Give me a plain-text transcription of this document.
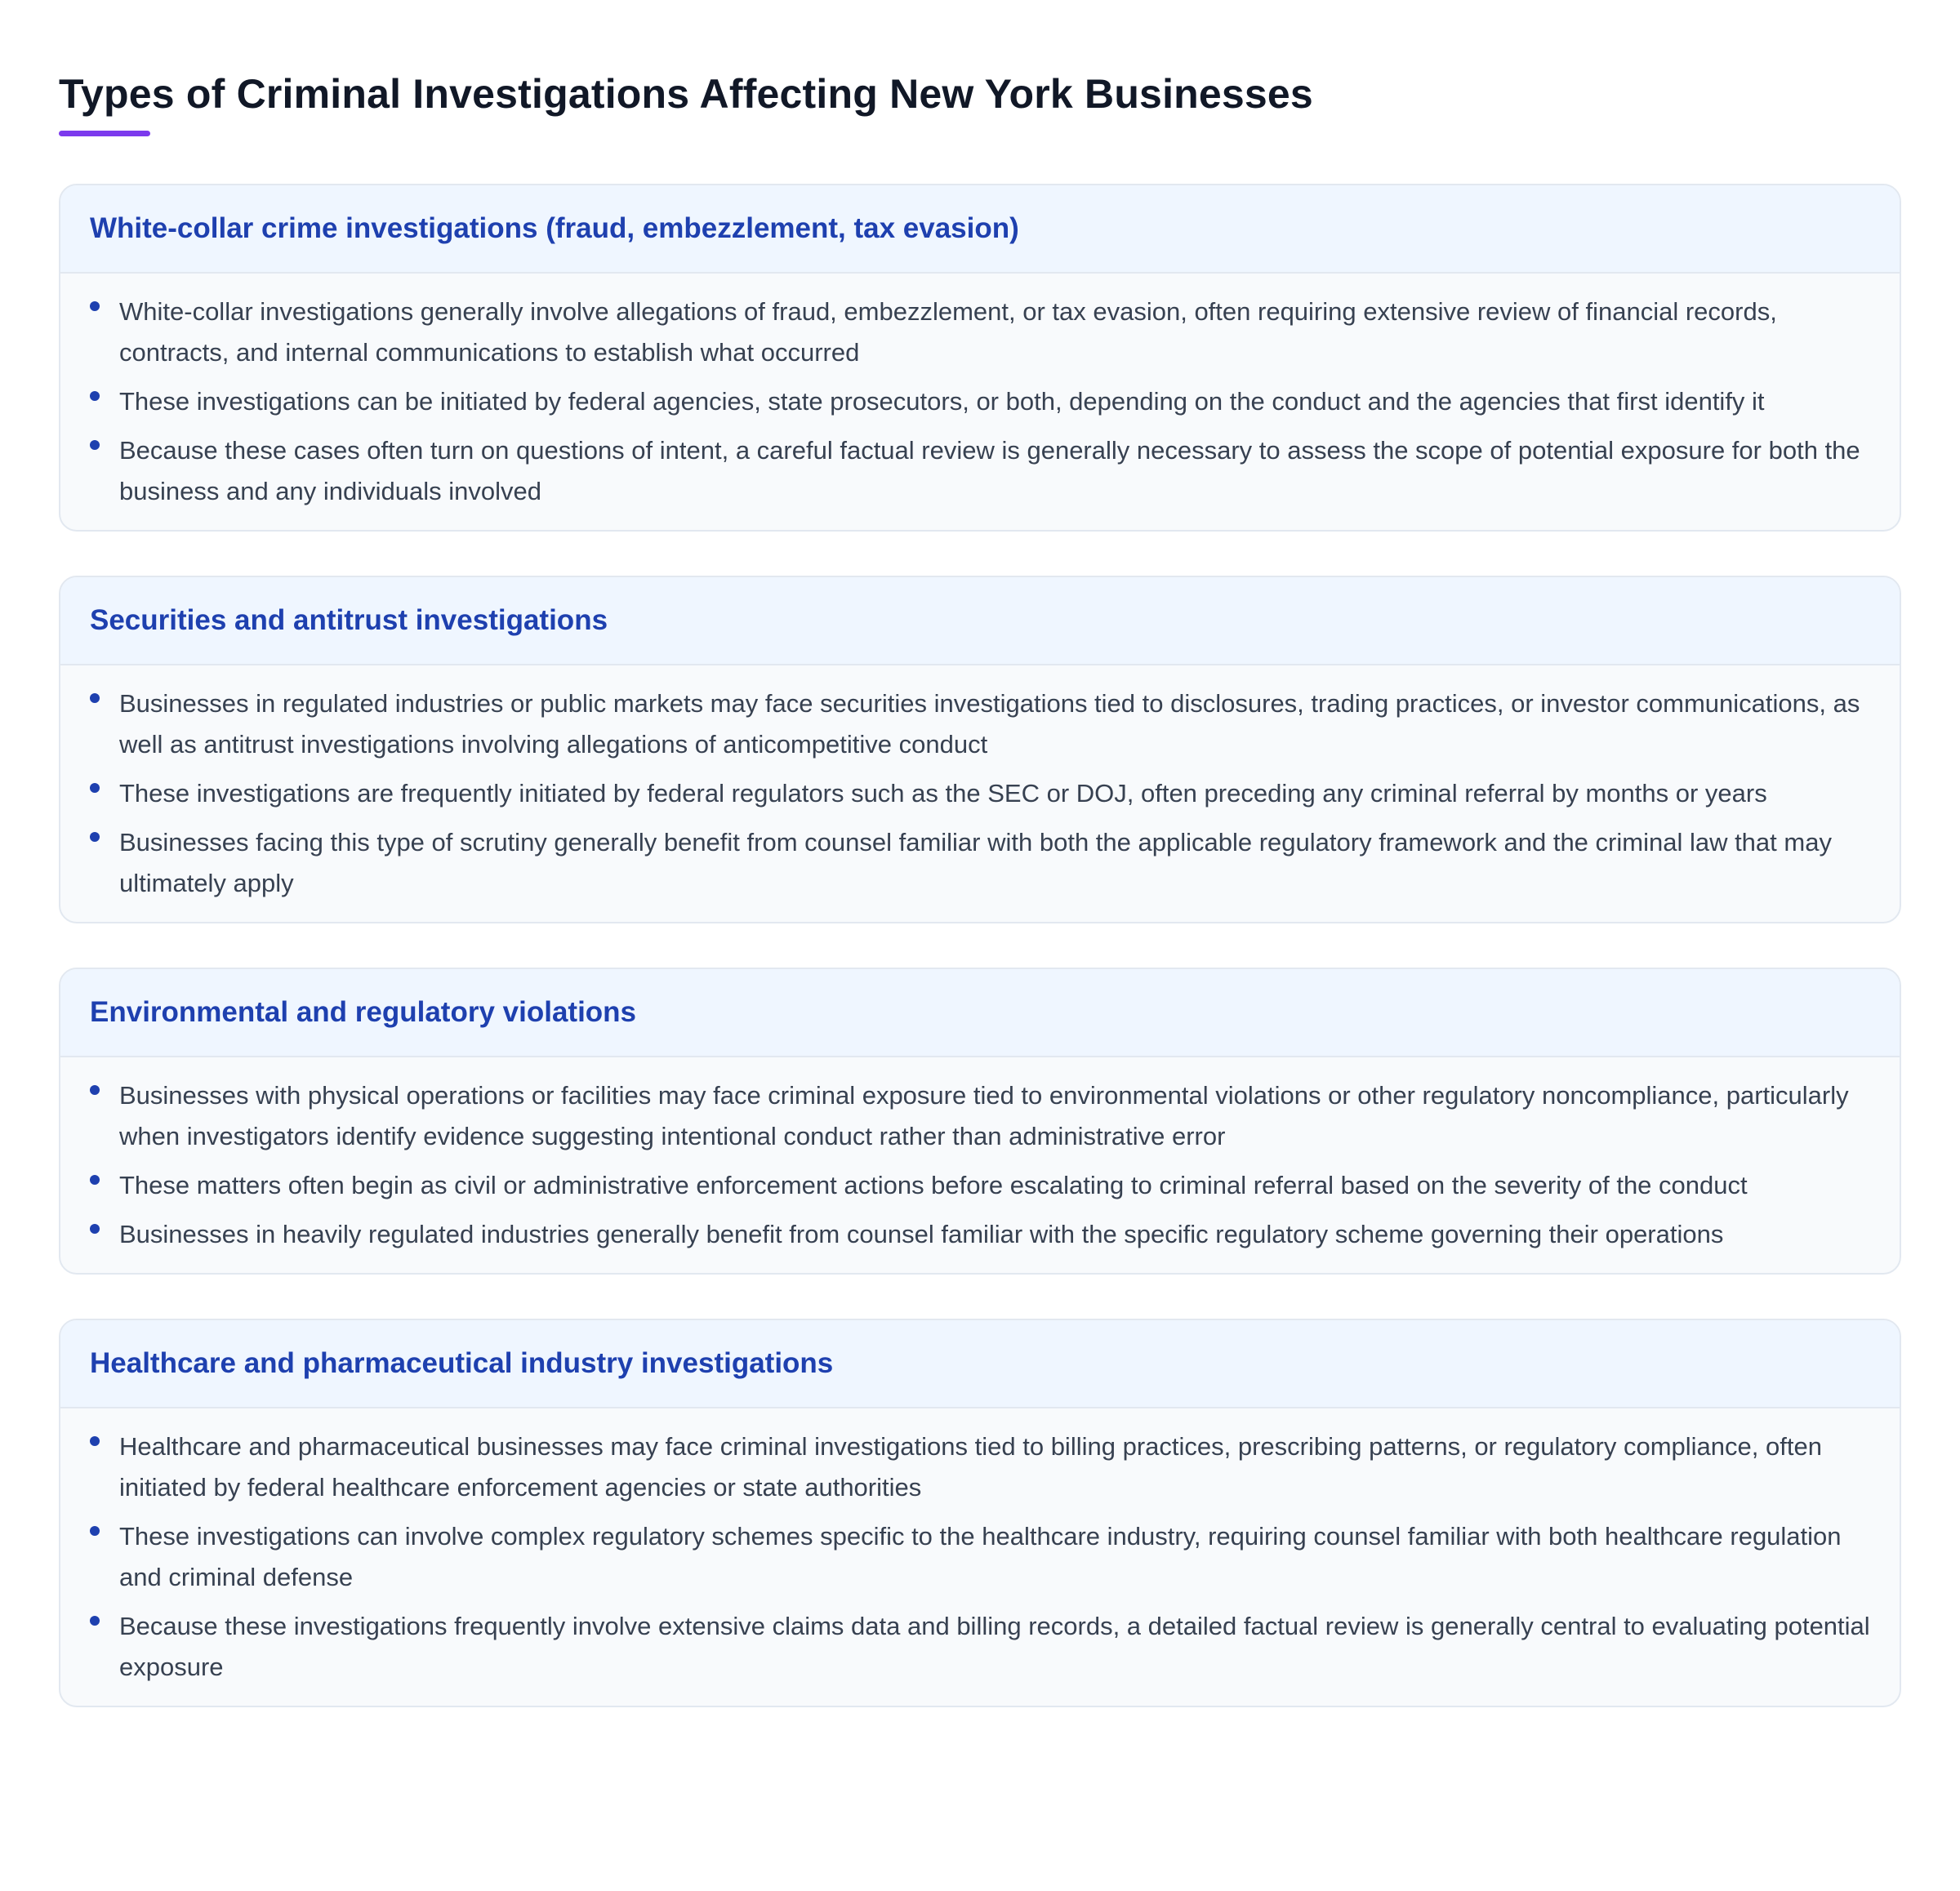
Types of Criminal Investigations Affecting New York Businesses
White-collar crime investigations (fraud, embezzlement, tax evasion)
White-collar investigations generally involve allegations of fraud, embezzlement, or tax evasion, often requiring extensive review of financial records, contracts, and internal communications to establish what occurred
These investigations can be initiated by federal agencies, state prosecutors, or both, depending on the conduct and the agencies that first identify it
Because these cases often turn on questions of intent, a careful factual review is generally necessary to assess the scope of potential exposure for both the business and any individuals involved
Securities and antitrust investigations
Businesses in regulated industries or public markets may face securities investigations tied to disclosures, trading practices, or investor communications, as well as antitrust investigations involving allegations of anticompetitive conduct
These investigations are frequently initiated by federal regulators such as the SEC or DOJ, often preceding any criminal referral by months or years
Businesses facing this type of scrutiny generally benefit from counsel familiar with both the applicable regulatory framework and the criminal law that may ultimately apply
Environmental and regulatory violations
Businesses with physical operations or facilities may face criminal exposure tied to environmental violations or other regulatory noncompliance, particularly when investigators identify evidence suggesting intentional conduct rather than administrative error
These matters often begin as civil or administrative enforcement actions before escalating to criminal referral based on the severity of the conduct
Businesses in heavily regulated industries generally benefit from counsel familiar with the specific regulatory scheme governing their operations
Healthcare and pharmaceutical industry investigations
Healthcare and pharmaceutical businesses may face criminal investigations tied to billing practices, prescribing patterns, or regulatory compliance, often initiated by federal healthcare enforcement agencies or state authorities
These investigations can involve complex regulatory schemes specific to the healthcare industry, requiring counsel familiar with both healthcare regulation and criminal defense
Because these investigations frequently involve extensive claims data and billing records, a detailed factual review is generally central to evaluating potential exposure
